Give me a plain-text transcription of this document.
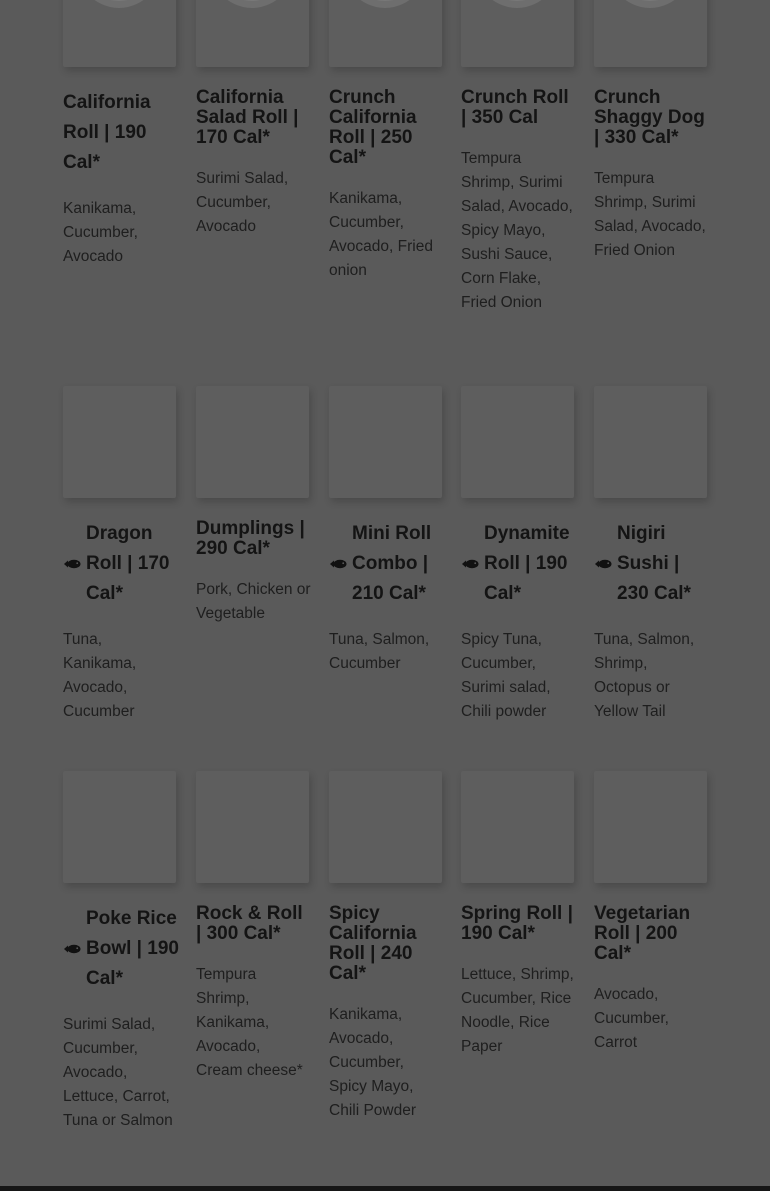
California Roll | 190 Cal*

Kanikama, Cucumber, Avocado

California Salad Roll | 170 Cal*

Surimi Salad, Cucumber, Avocado

Crunch California Roll | 250 Cal*

Kanikama, Cucumber, Avocado, Fried onion

Crunch Roll | 350 Cal

Tempura Shrimp, Surimi Salad, Avocado, Spicy Mayo, Sushi Sauce, Corn Flake, Fried Onion

Crunch Shaggy Dog | 330 Cal*

Tempura Shrimp, Surimi Salad, Avocado, Fried Onion

Dragon Roll | 170 Cal*

Tuna, Kanikama, Avocado, Cucumber

Dumplings | 290 Cal*

Pork, Chicken or Vegetable

Mini Roll Combo | 210 Cal*

Tuna, Salmon, Cucumber

Dynamite Roll | 190 Cal*

Spicy Tuna, Cucumber, Surimi salad, Chili powder

Nigiri Sushi | 230 Cal*

Tuna, Salmon, Shrimp, Octopus or Yellow Tail

Poke Rice Bowl | 190 Cal*

Surimi Salad, Cucumber, Avocado, Lettuce, Carrot, Tuna or Salmon

Rock & Roll | 300 Cal*

Tempura Shrimp, Kanikama, Avocado, Cream cheese*

Spicy California Roll | 240 Cal*

Kanikama, Avocado, Cucumber, Spicy Mayo, Chili Powder

Spring Roll | 190 Cal*

Lettuce, Shrimp, Cucumber, Rice Noodle, Rice Paper

Vegetarian Roll | 200 Cal*

Avocado, Cucumber, Carrot
